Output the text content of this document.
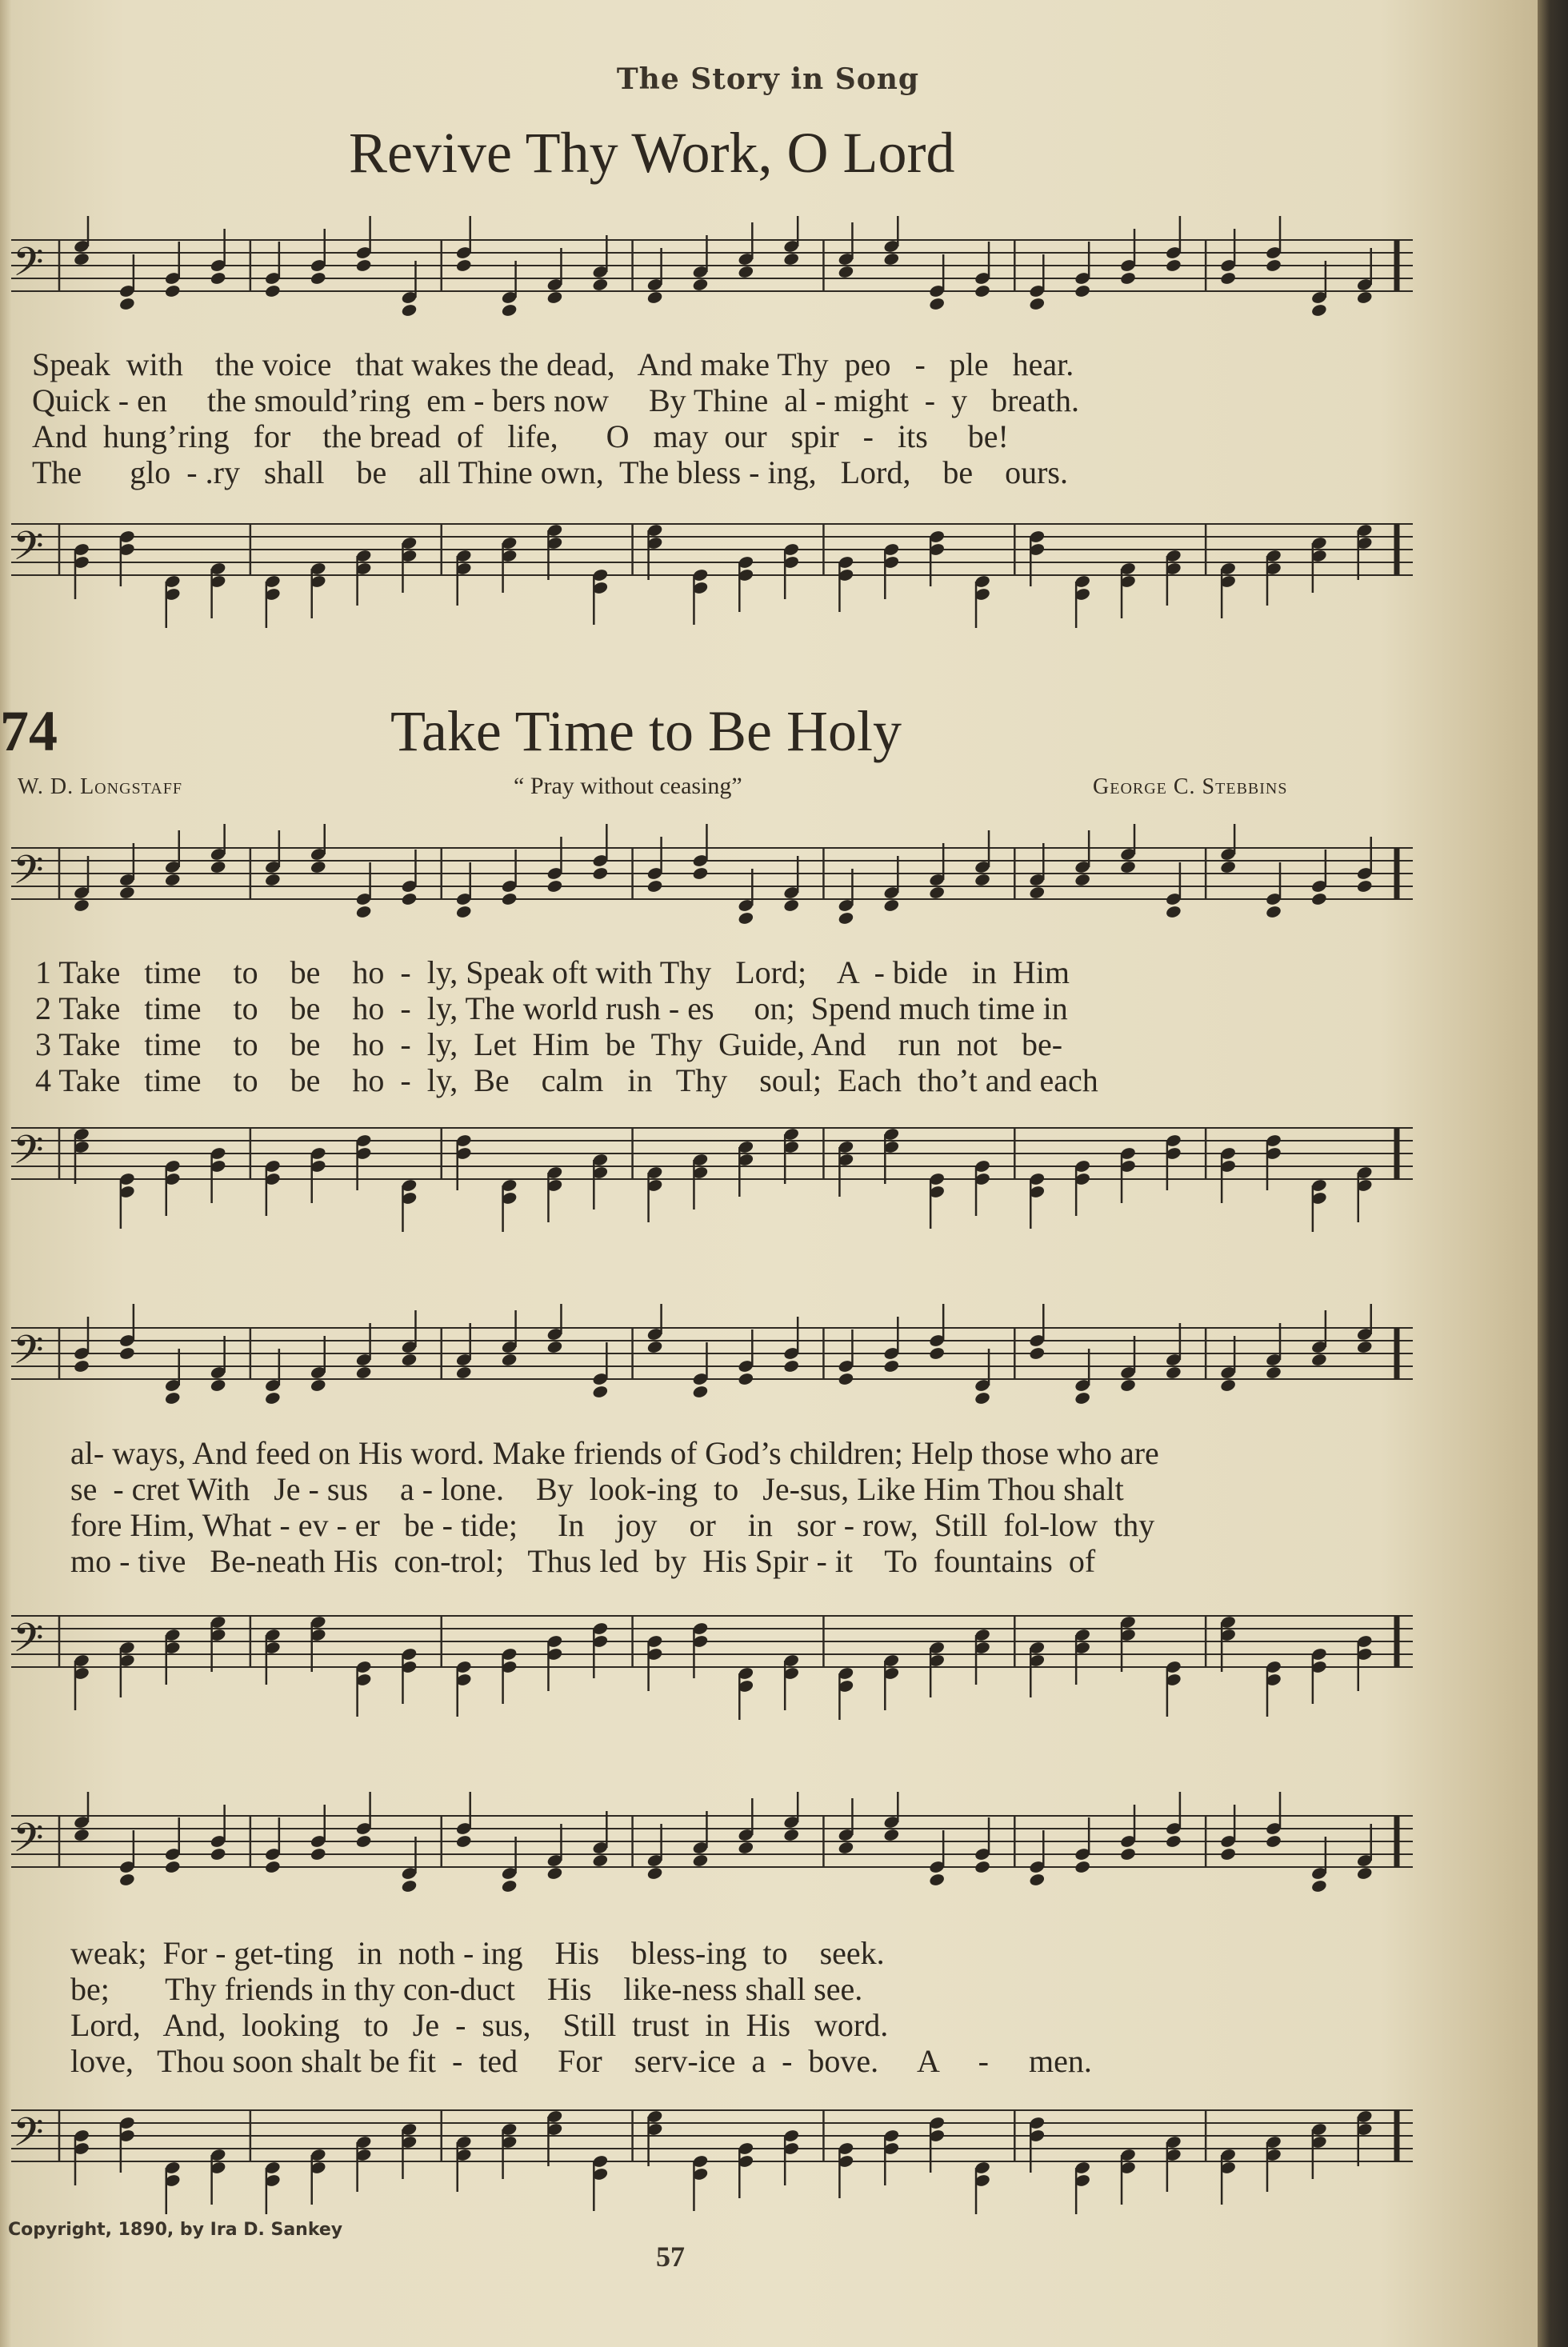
The Story in Song
Revive Thy Work, O Lord
𝄢
Speak  with    the voice   that wakes the dead,   And make Thy  peo   -   ple   hear.
Quick - en     the smould’ring  em - bers now     By Thine  al - might  -  y   breath.
And  hung’ring   for    the bread  of   life,      O   may  our   spir   -   its     be!
The      glo  - .ry   shall    be    all Thine own,  The bless - ing,   Lord,    be    ours.
𝄢
74	Take Time to Be Holy
W. D. Longstaff	“ Pray without ceasing”	George C. Stebbins
𝄢
1 Take   time    to    be    ho  -  ly, Speak oft with Thy   Lord;    A  - bide   in  Him
2 Take   time    to    be    ho  -  ly, The world rush - es     on;  Spend much time in
3 Take   time    to    be    ho  -  ly,  Let  Him  be  Thy  Guide, And    run  not   be-
4 Take   time    to    be    ho  -  ly,  Be    calm   in   Thy    soul;  Each  tho’t and each
𝄢
𝄢
al- ways, And feed on His word. Make friends of God’s children; Help those who are
se  - cret With   Je - sus    a - lone.    By  look-ing  to   Je-sus, Like Him Thou shalt
fore Him, What - ev - er   be - tide;     In    joy    or    in   sor - row,  Still  fol-low  thy
mo - tive   Be-neath His  con-trol;   Thus led  by  His Spir - it    To  fountains  of
𝄢
𝄢
weak;  For - get-ting   in  noth - ing    His    bless-ing  to    seek.
be;       Thy friends in thy con-duct    His    like-ness shall see.
Lord,   And,  looking   to   Je  -  sus,    Still  trust  in  His   word.
love,   Thou soon shalt be fit  -  ted     For    serv-ice  a  -  bove.     A     -     men.
𝄢
Copyright, 1890, by Ira D. Sankey
57
